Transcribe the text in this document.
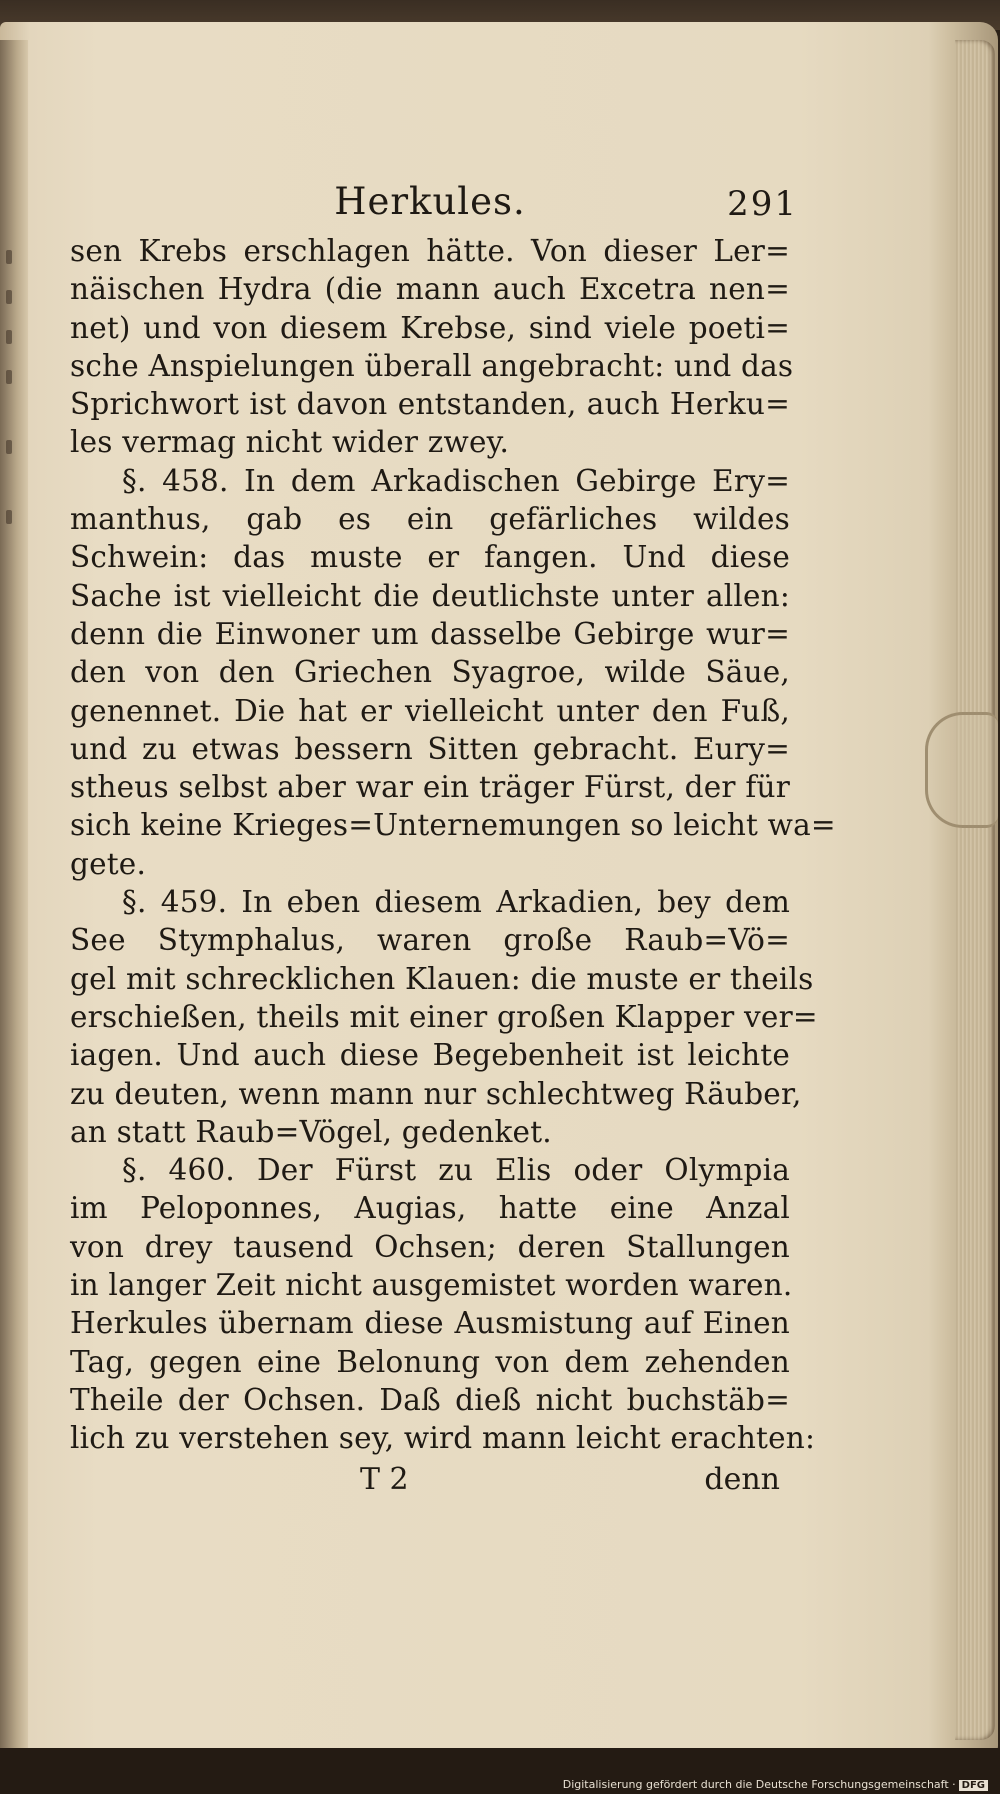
Herkules.	291
sen Krebs erschlagen hätte. Von dieser Ler=
näischen Hydra (die mann auch Excetra nen=
net) und von diesem Krebse, sind viele poeti=
sche Anspielungen überall angebracht: und das
Sprichwort ist davon entstanden, auch Herku=
les vermag nicht wider zwey.
§. 458. In dem Arkadischen Gebirge Ery=
manthus, gab es ein gefärliches wildes
Schwein: das muste er fangen. Und diese
Sache ist vielleicht die deutlichste unter allen:
denn die Einwoner um dasselbe Gebirge wur=
den von den Griechen Syagroe, wilde Säue,
genennet. Die hat er vielleicht unter den Fuß,
und zu etwas bessern Sitten gebracht. Eury=
stheus selbst aber war ein träger Fürst, der für
sich keine Krieges=Unternemungen so leicht wa=
gete.
§. 459. In eben diesem Arkadien, bey dem
See Stymphalus, waren große Raub=Vö=
gel mit schrecklichen Klauen: die muste er theils
erschießen, theils mit einer großen Klapper ver=
iagen. Und auch diese Begebenheit ist leichte
zu deuten, wenn mann nur schlechtweg Räuber,
an statt Raub=Vögel, gedenket.
§. 460. Der Fürst zu Elis oder Olympia
im Peloponnes, Augias, hatte eine Anzal
von drey tausend Ochsen; deren Stallungen
in langer Zeit nicht ausgemistet worden waren.
Herkules übernam diese Ausmistung auf Einen
Tag, gegen eine Belonung von dem zehenden
Theile der Ochsen. Daß dieß nicht buchstäb=
lich zu verstehen sey, wird mann leicht erachten:
T 2	denn
Digitalisierung gefördert durch die Deutsche Forschungsgemeinschaft · DFG
